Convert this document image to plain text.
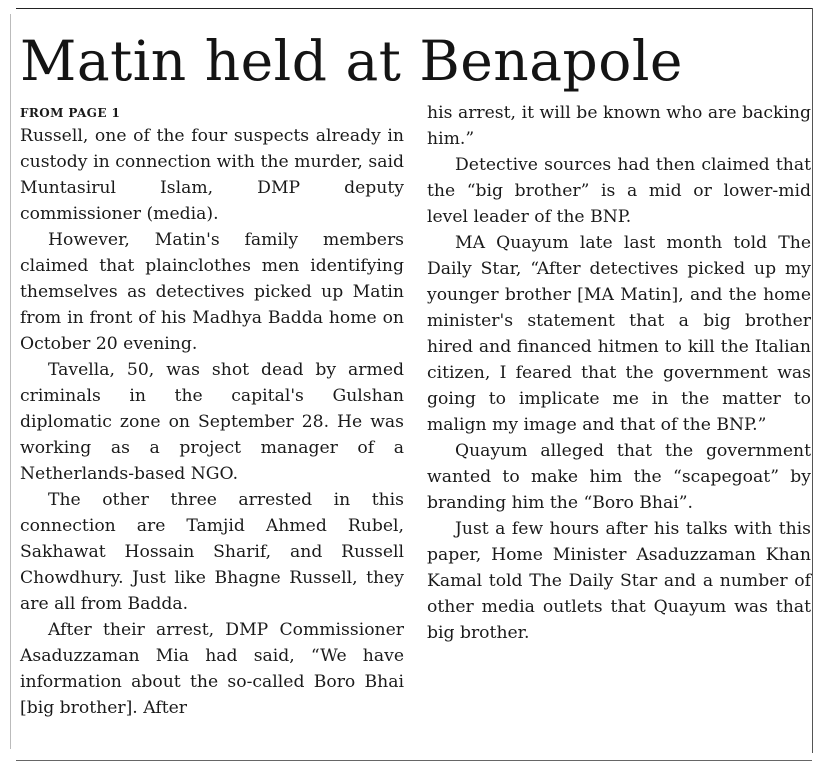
Matin held at Benapole
FROM PAGE 1

Russell, one of the four suspects already in custody in connection with the murder, said Muntasirul Islam, DMP deputy commissioner (media).

However, Matin's family members claimed that plainclothes men identifying themselves as detectives picked up Matin from in front of his Madhya Badda home on October 20 evening.

Tavella, 50, was shot dead by armed criminals in the capital's Gulshan diplomatic zone on September 28. He was working as a project manager of a Netherlands-based NGO.

The other three arrested in this connection are Tamjid Ahmed Rubel, Sakhawat Hossain Sharif, and Russell Chowdhury. Just like Bhagne Russell, they are all from Badda.

After their arrest, DMP Commissioner Asaduzzaman Mia had said, “We have information about the so-called Boro Bhai [big brother]. After

his arrest, it will be known who are backing him.”

Detective sources had then claimed that the “big brother” is a mid or lower-mid level leader of the BNP.

MA Quayum late last month told The Daily Star, “After detectives picked up my younger brother [MA Matin], and the home minister's statement that a big brother hired and financed hitmen to kill the Italian citizen, I feared that the government was going to implicate me in the matter to malign my image and that of the BNP.”

Quayum alleged that the government wanted to make him the “scapegoat” by branding him the “Boro Bhai”.

Just a few hours after his talks with this paper, Home Minister Asaduzzaman Khan Kamal told The Daily Star and a number of other media outlets that Quayum was that big brother.
